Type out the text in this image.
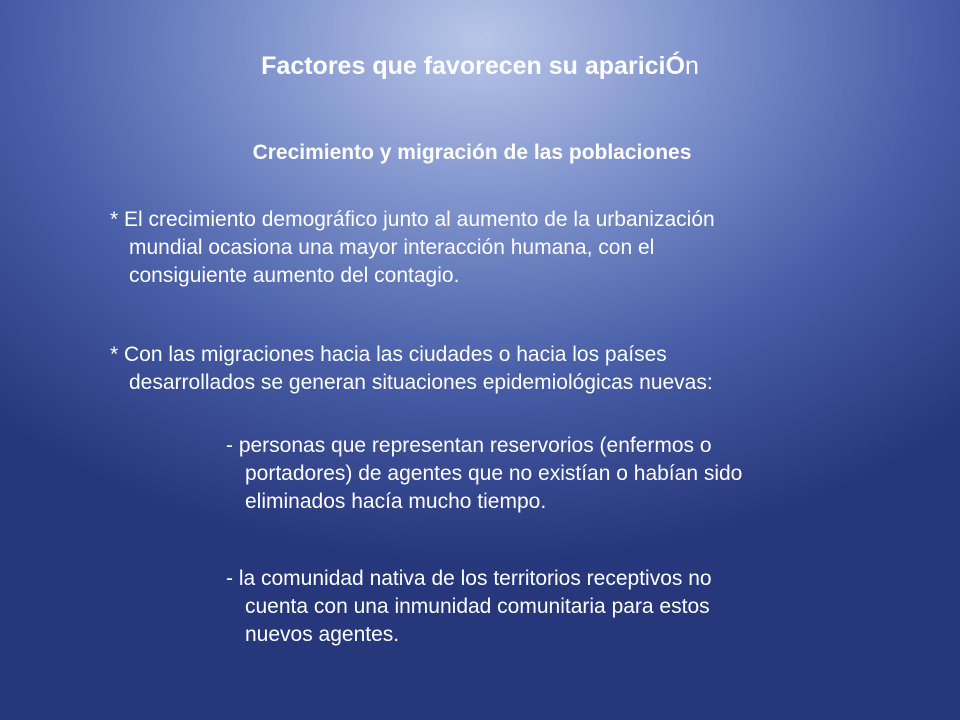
Factores que favorecen su apariciÓn
Crecimiento y migración de las poblaciones

* El crecimiento demográfico junto al aumento de la urbanización
mundial ocasiona una mayor interacción humana, con el
consiguiente aumento del contagio.

* Con las migraciones hacia las ciudades o hacia los países
desarrollados se generan situaciones epidemiológicas nuevas:

- personas que representan reservorios (enfermos o
portadores) de agentes que no existían o habían sido
eliminados hacía mucho tiempo.

- la comunidad nativa de los territorios receptivos no
cuenta con una inmunidad comunitaria para estos
nuevos agentes.
